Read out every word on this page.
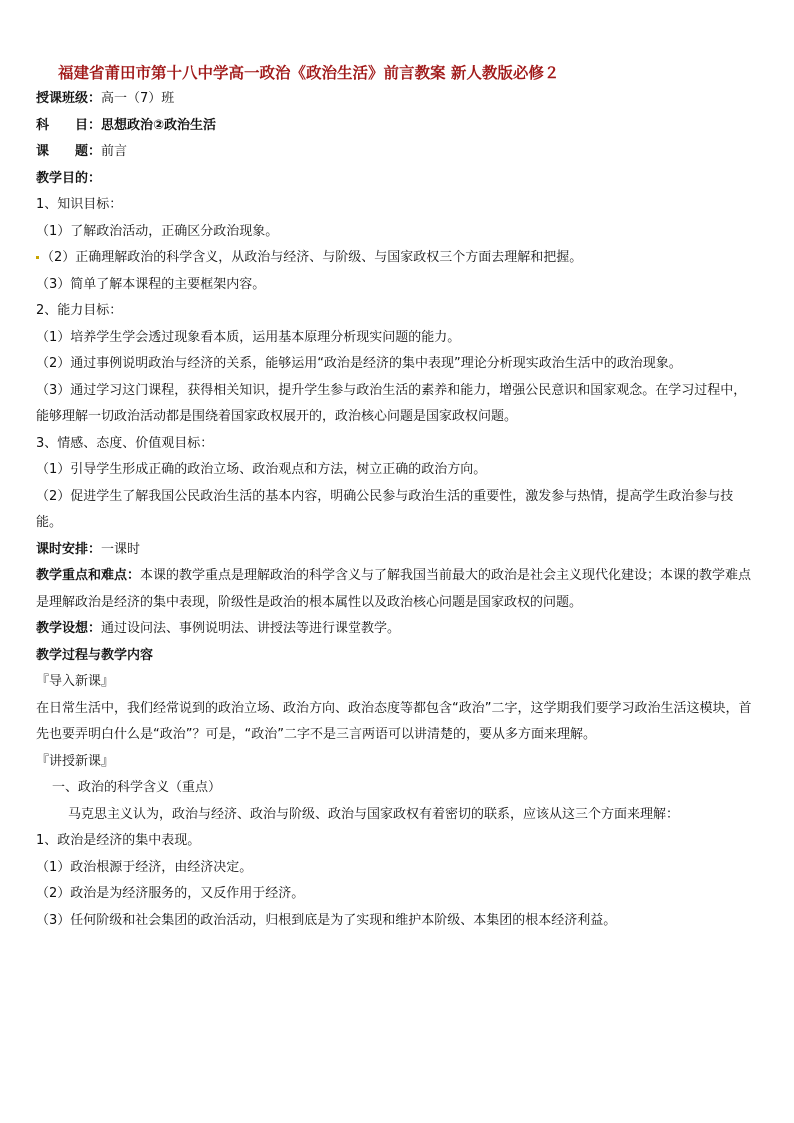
福建省莆田市第十八中学高一政治《政治生活》前言教案 新人教版必修２
授课班级：高一（7）班
科　　目：思想政治②政治生活
课　　题：前言
教学目的：
1、知识目标：
（1）了解政治活动，正确区分政治现象。
（2）正确理解政治的科学含义，从政治与经济、与阶级、与国家政权三个方面去理解和把握。
（3）简单了解本课程的主要框架内容。
2、能力目标：
（1）培养学生学会透过现象看本质，运用基本原理分析现实问题的能力。
（2）通过事例说明政治与经济的关系，能够运用“政治是经济的集中表现”理论分析现实政治生活中的政治现象。
（3）通过学习这门课程，获得相关知识，提升学生参与政治生活的素养和能力，增强公民意识和国家观念。在学习过程中，能够理解一切政治活动都是围绕着国家政权展开的，政治核心问题是国家政权问题。
3、情感、态度、价值观目标：
（1）引导学生形成正确的政治立场、政治观点和方法，树立正确的政治方向。
（2）促进学生了解我国公民政治生活的基本内容，明确公民参与政治生活的重要性，激发参与热情，提高学生政治参与技能。
课时安排：一课时
教学重点和难点：本课的教学重点是理解政治的科学含义与了解我国当前最大的政治是社会主义现代化建设；本课的教学难点是理解政治是经济的集中表现，阶级性是政治的根本属性以及政治核心问题是国家政权的问题。
教学设想：通过设问法、事例说明法、讲授法等进行课堂教学。
教学过程与教学内容
『导入新课』
在日常生活中，我们经常说到的政治立场、政治方向、政治态度等都包含“政治”二字，这学期我们要学习政治生活这模块，首先也要弄明白什么是“政治”？可是，“政治”二字不是三言两语可以讲清楚的，要从多方面来理解。
『讲授新课』
一、政治的科学含义（重点）
马克思主义认为，政治与经济、政治与阶级、政治与国家政权有着密切的联系，应该从这三个方面来理解：
1、政治是经济的集中表现。
（1）政治根源于经济，由经济决定。
（2）政治是为经济服务的，又反作用于经济。
（3）任何阶级和社会集团的政治活动，归根到底是为了实现和维护本阶级、本集团的根本经济利益。
